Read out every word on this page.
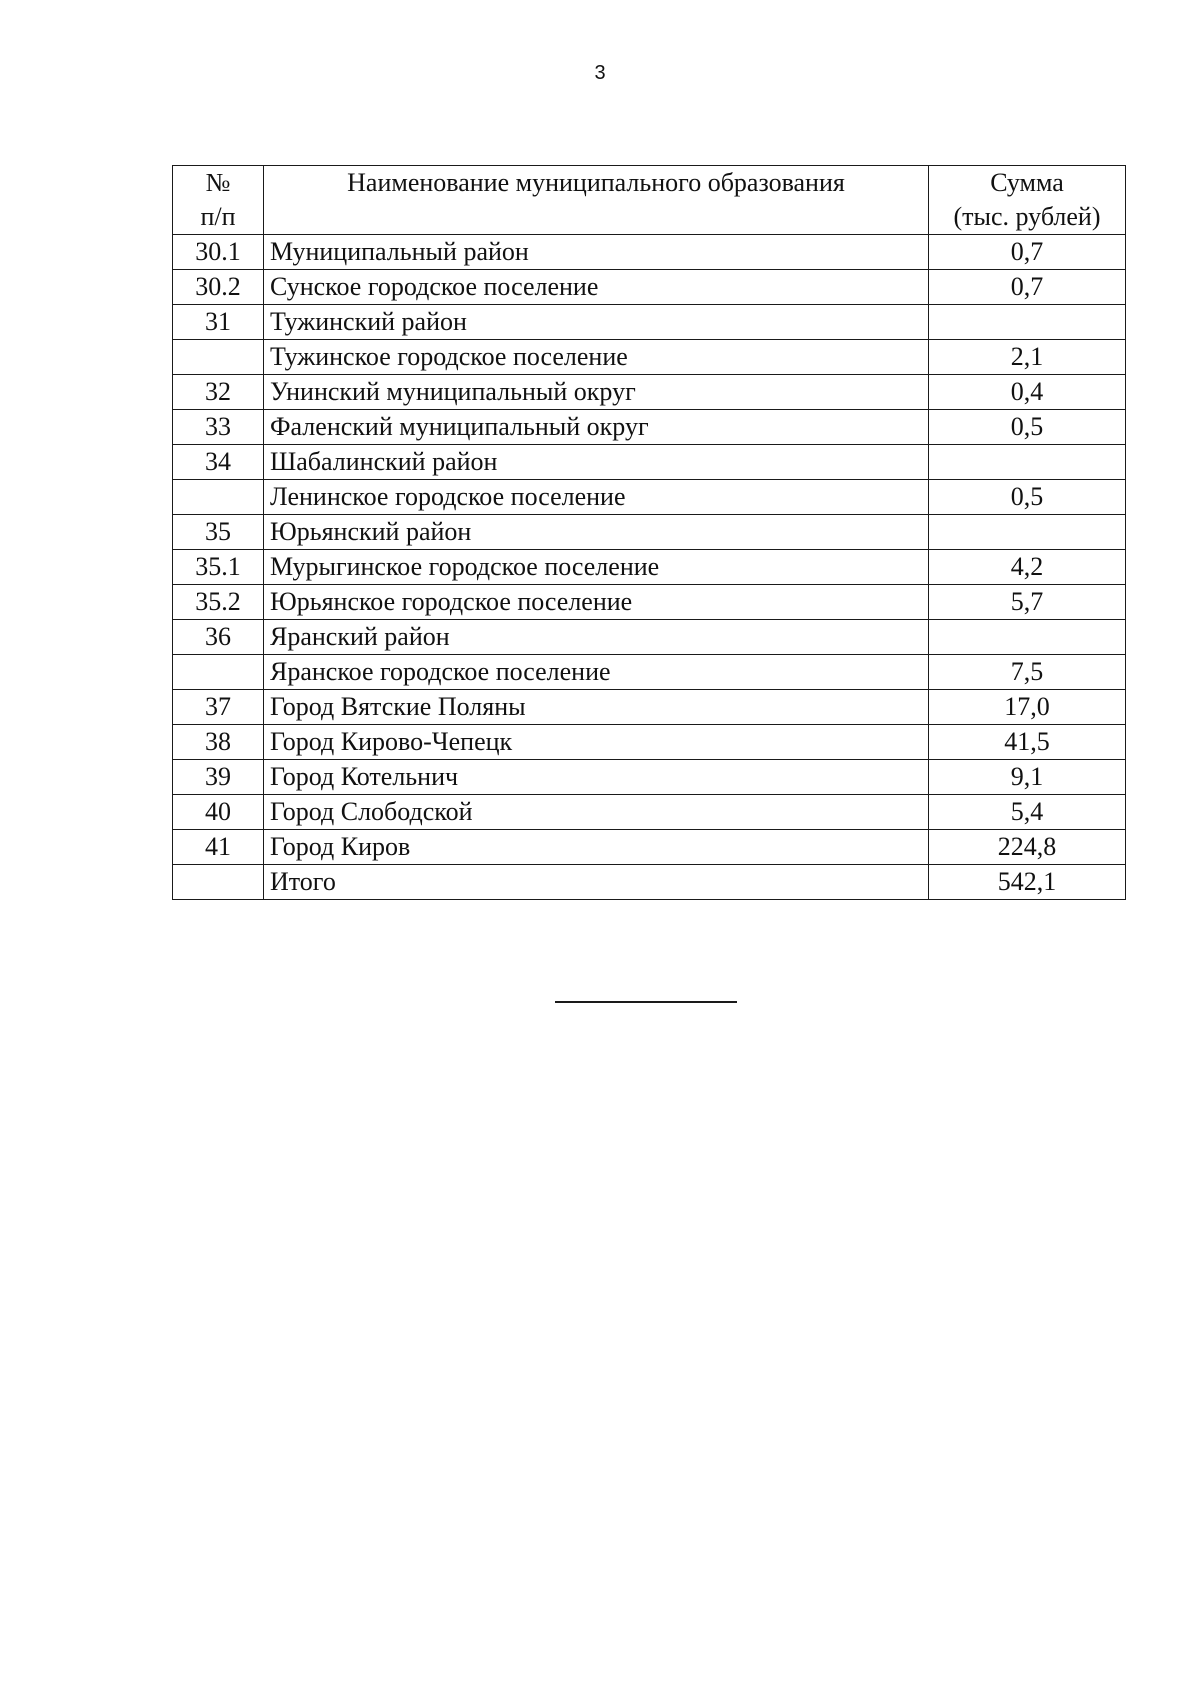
3
№
п/п	Наименование муниципального образования	Сумма
(тыс. рублей)

30.1	Муниципальный район	0,7
30.2	Сунское городское поселение	0,7
31	Тужинский район	
	Тужинское городское поселение	2,1
32	Унинский муниципальный округ	0,4
33	Фаленский муниципальный округ	0,5
34	Шабалинский район	
	Ленинское городское поселение	0,5
35	Юрьянский район	
35.1	Мурыгинское городское поселение	4,2
35.2	Юрьянское городское поселение	5,7
36	Яранский район	
	Яранское городское поселение	7,5
37	Город Вятские Поляны	17,0
38	Город Кирово-Чепецк	41,5
39	Город Котельнич	9,1
40	Город Слободской	5,4
41	Город Киров	224,8
	Итого	542,1
